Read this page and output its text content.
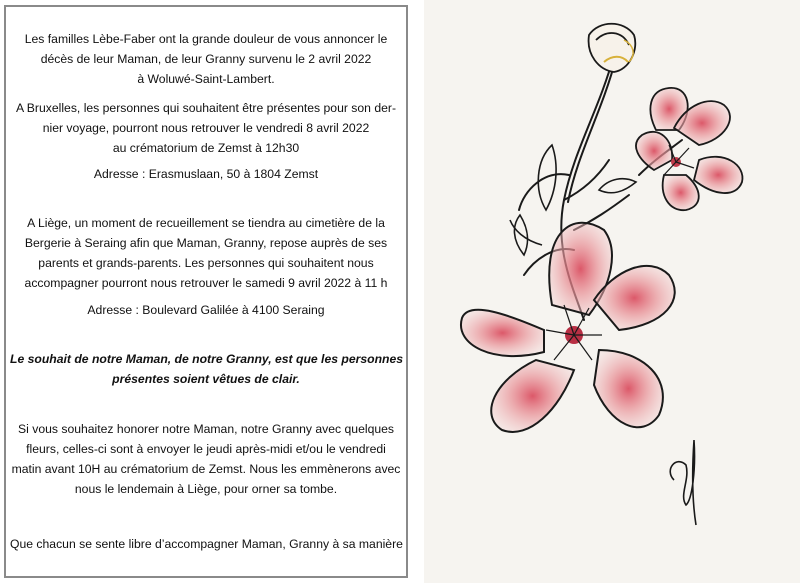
Les familles Lèbe-Faber ont la grande douleur de vous annoncer le
décès de leur Maman, de leur Granny survenu le 2 avril 2022
à Woluwé-Saint-Lambert.
A Bruxelles, les personnes qui souhaitent être présentes pour son der-
nier voyage, pourront nous retrouver le vendredi 8 avril 2022
au crématorium de Zemst à 12h30
Adresse : Erasmuslaan, 50 à 1804 Zemst
A Liège, un moment de recueillement se tiendra au cimetière de la
Bergerie à Seraing afin que Maman, Granny, repose auprès de ses
parents et grands-parents. Les personnes qui souhaitent nous
accompagner pourront nous retrouver le samedi 9 avril 2022 à 11 h
Adresse : Boulevard Galilée à 4100 Seraing
Le souhait de notre Maman, de notre Granny, est que les personnes
présentes soient vêtues de clair.
Si vous souhaitez honorer notre Maman, notre Granny avec quelques
fleurs, celles-ci sont à envoyer le jeudi après-midi et/ou le vendredi
matin avant 10H au crématorium de Zemst. Nous les emmènerons avec
nous le lendemain à Liège, pour orner sa tombe.
Que chacun se sente libre d’accompagner Maman, Granny à sa manière
